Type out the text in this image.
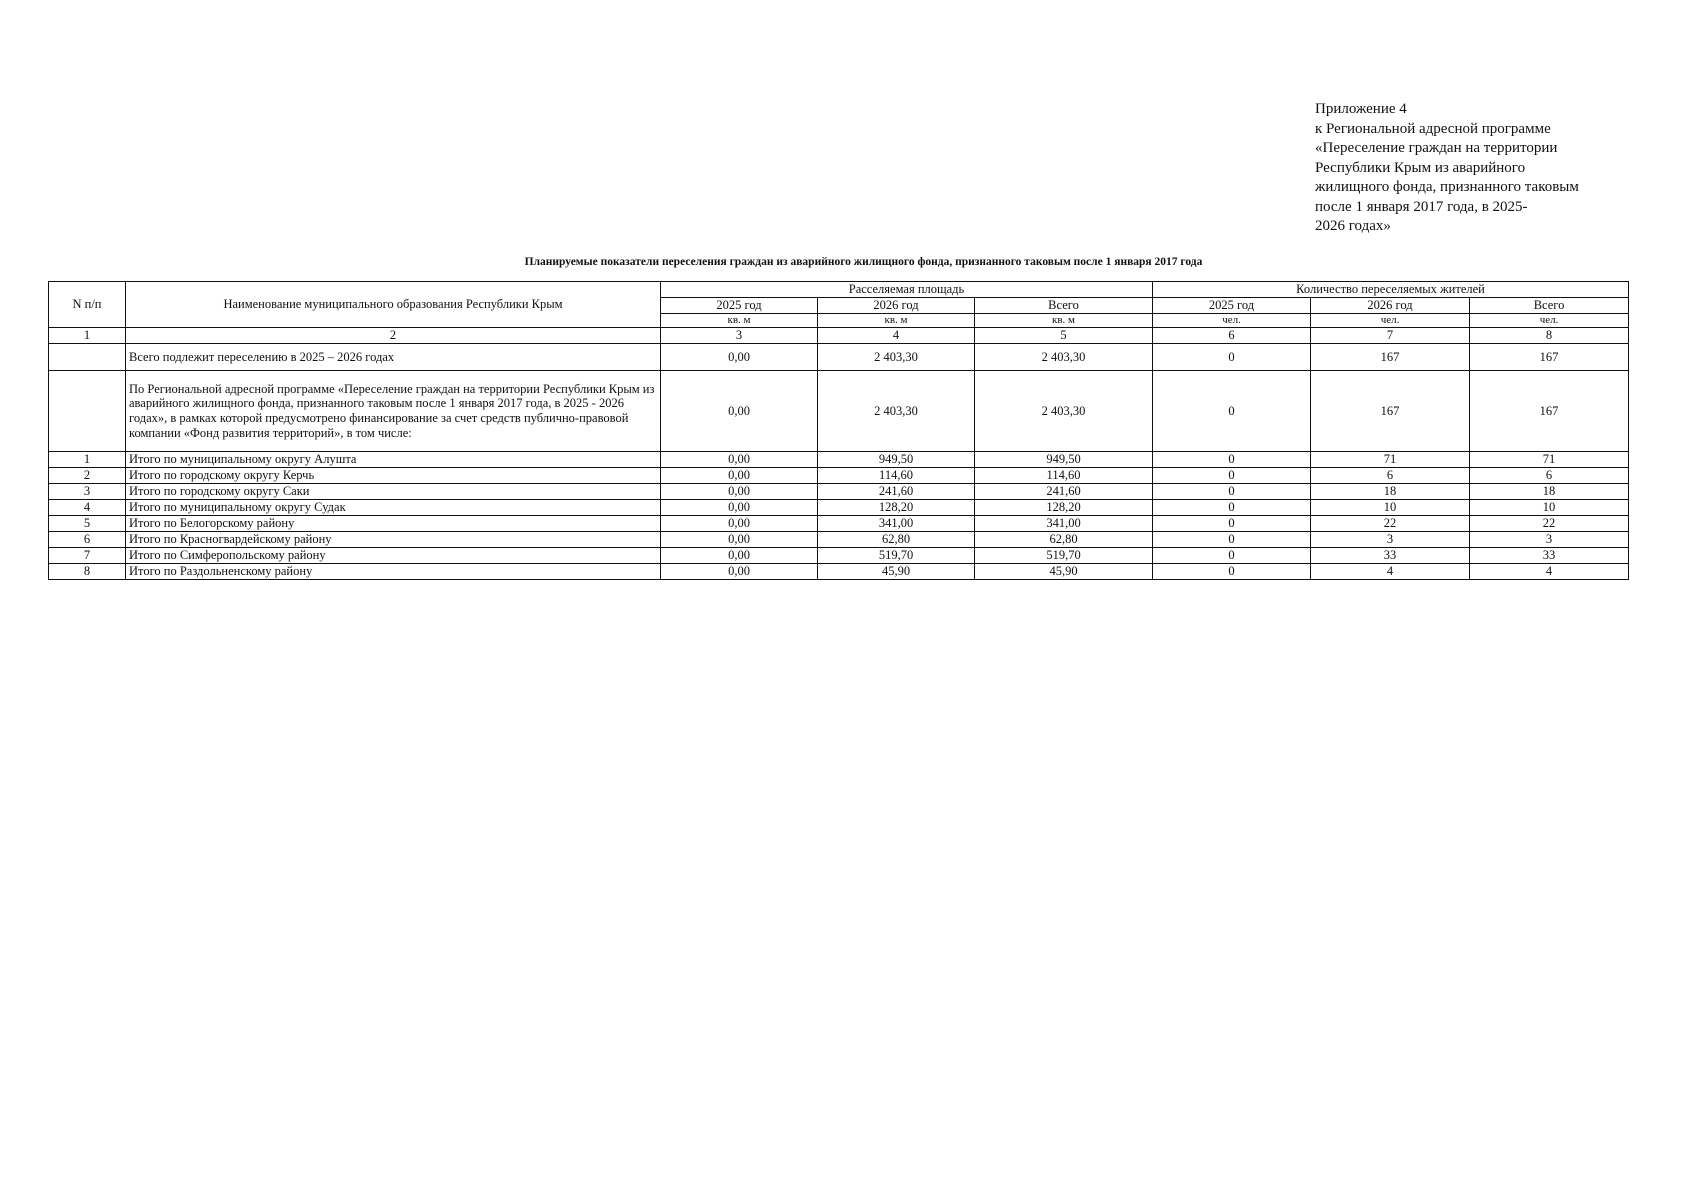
Приложение 4
к Региональной адресной программе
«Переселение граждан на территории
Республики Крым из аварийного
жилищного фонда, признанного таковым
после 1 января 2017 года, в 2025-
2026 годах»
Планируемые показатели переселения граждан из аварийного жилищного фонда, признанного таковым после 1 января 2017 года
N п/п	Наименование муниципального образования Республики Крым	Расселяемая площадь			Количество переселяемых жителей		
		2025 год	2026 год	Всего	2025 год	2026 год	Всего
		кв. м	кв. м	кв. м	чел.	чел.	чел.
1	2	3	4	5	6	7	8
	Всего подлежит переселению в 2025 – 2026 годах	0,00	2 403,30	2 403,30	0	167	167
	По Региональной адресной программе «Переселение граждан на территории Республики Крым из аварийного жилищного фонда, признанного таковым после 1 января 2017 года, в 2025 - 2026 годах», в рамках которой предусмотрено финансирование за счет средств публично-правовой компании «Фонд развития территорий», в том числе:	0,00	2 403,30	2 403,30	0	167	167
1	Итого по муниципальному округу Алушта	0,00	949,50	949,50	0	71	71
2	Итого по городскому округу Керчь	0,00	114,60	114,60	0	6	6
3	Итого по городскому округу Саки	0,00	241,60	241,60	0	18	18
4	Итого по муниципальному округу Судак	0,00	128,20	128,20	0	10	10
5	Итого по Белогорскому району	0,00	341,00	341,00	0	22	22
6	Итого по Красногвардейскому району	0,00	62,80	62,80	0	3	3
7	Итого по Симферопольскому району	0,00	519,70	519,70	0	33	33
8	Итого по Раздольненскому району	0,00	45,90	45,90	0	4	4
